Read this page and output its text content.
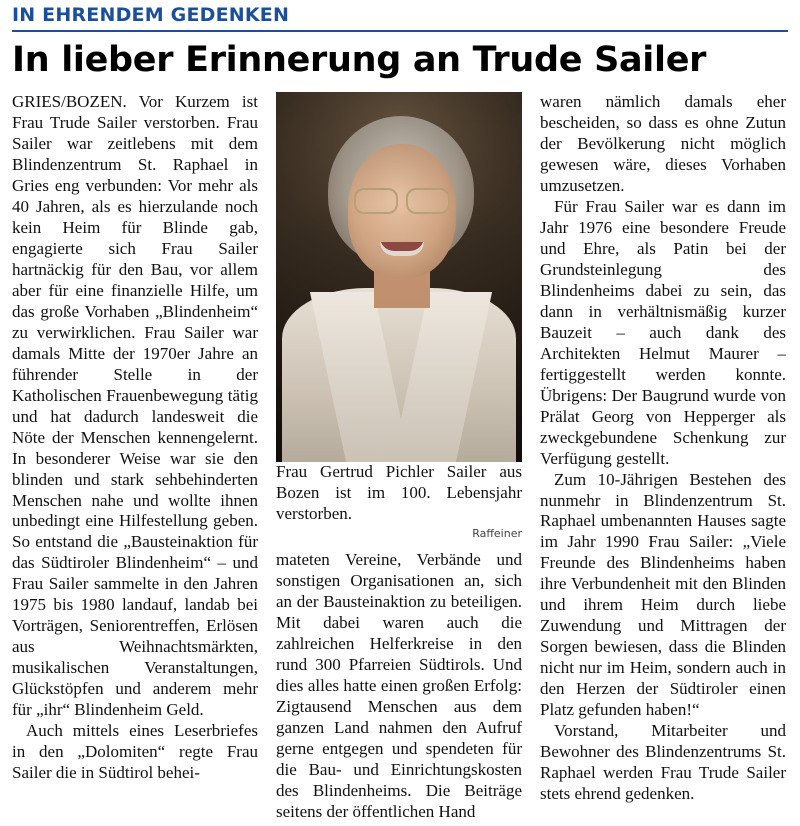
IN EHRENDEM GEDENKEN
In lieber Erinnerung an Trude Sailer

GRIES/BOZEN. Vor Kurzem ist Frau Trude Sailer verstorben. Frau Sailer war zeitlebens mit dem Blindenzentrum St. Raphael in Gries eng verbunden: Vor mehr als 40 Jahren, als es hierzulande noch kein Heim für Blinde gab, engagierte sich Frau Sailer hartnäckig für den Bau, vor allem aber für eine finanzielle Hilfe, um das große Vorhaben „Blindenheim“ zu verwirklichen. Frau Sailer war damals Mitte der 1970er Jahre an führender Stelle in der Katholischen Frauenbewegung tätig und hat dadurch landesweit die Nöte der Menschen kennengelernt. In besonderer Weise war sie den blinden und stark sehbehinderten Menschen nahe und wollte ihnen unbedingt eine Hilfestellung geben. So entstand die „Bausteinaktion für das Südtiroler Blindenheim“ – und Frau Sailer sammelte in den Jahren 1975 bis 1980 landauf, landab bei Vorträgen, Seniorentreffen, Erlösen aus Weihnachtsmärkten, musikalischen Veranstaltungen, Glückstöpfen und anderem mehr für „ihr“ Blindenheim Geld.

Auch mittels eines Leserbriefes in den „Dolomiten“ regte Frau Sailer die in Südtirol behei-

Frau Gertrud Pichler Sailer aus Bozen ist im 100. Lebensjahr verstorben.

Raffeiner

mateten Vereine, Verbände und sonstigen Organisationen an, sich an der Bausteinaktion zu beteiligen. Mit dabei waren auch die zahlreichen Helferkreise in den rund 300 Pfarreien Südtirols. Und dies alles hatte einen großen Erfolg: Zigtausend Menschen aus dem ganzen Land nahmen den Aufruf gerne entgegen und spendeten für die Bau- und Einrichtungskosten des Blindenheims. Die Beiträge seitens der öffentlichen Hand

waren nämlich damals eher bescheiden, so dass es ohne Zutun der Bevölkerung nicht möglich gewesen wäre, dieses Vorhaben umzusetzen.

Für Frau Sailer war es dann im Jahr 1976 eine besondere Freude und Ehre, als Patin bei der Grundsteinlegung des Blindenheims dabei zu sein, das dann in verhältnismäßig kurzer Bauzeit – auch dank des Architekten Helmut Maurer – fertiggestellt werden konnte. Übrigens: Der Baugrund wurde von Prälat Georg von Hepperger als zweckgebundene Schenkung zur Verfügung gestellt.

Zum 10-Jährigen Bestehen des nunmehr in Blindenzentrum St. Raphael umbenannten Hauses sagte im Jahr 1990 Frau Sailer: „Viele Freunde des Blindenheims haben ihre Verbundenheit mit den Blinden und ihrem Heim durch liebe Zuwendung und Mittragen der Sorgen bewiesen, dass die Blinden nicht nur im Heim, sondern auch in den Herzen der Südtiroler einen Platz gefunden haben!“

Vorstand, Mitarbeiter und Bewohner des Blindenzentrums St. Raphael werden Frau Trude Sailer stets ehrend gedenken.
